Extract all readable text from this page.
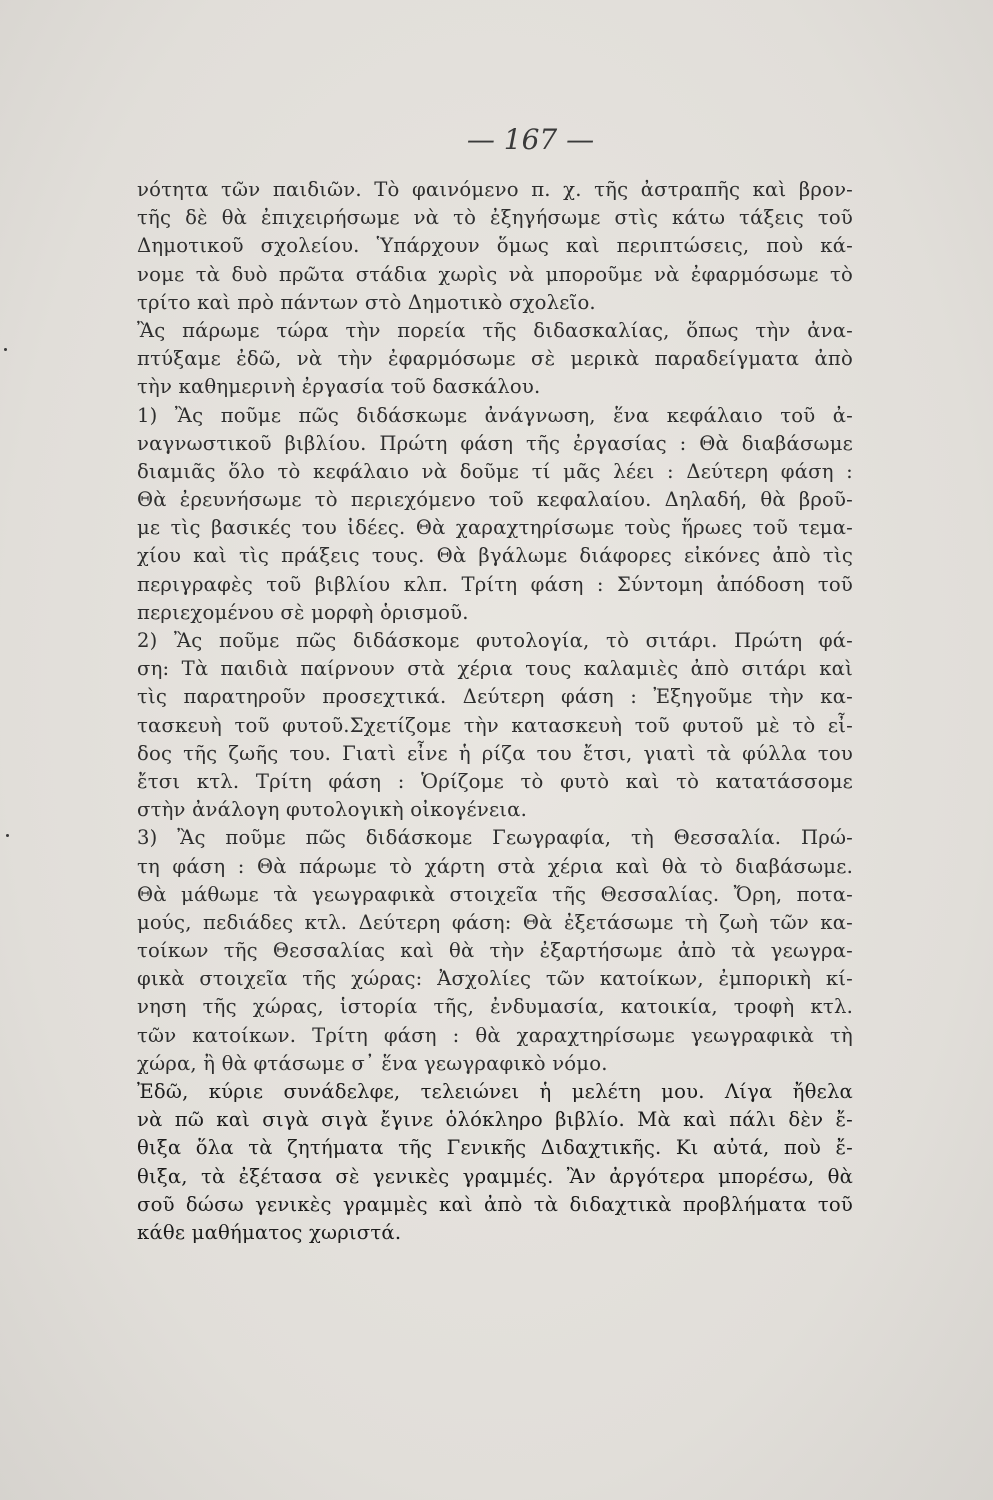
— 167 —
νότητα τῶν παιδιῶν. Τὸ φαινόμενο π. χ. τῆς ἀστραπῆς καὶ βρον-
τῆς δὲ θὰ ἐπιχειρήσωμε νὰ τὸ ἐξηγήσωμε στὶς κάτω τάξεις τοῦ
Δημοτικοῦ σχολείου. Ὑπάρχουν ὅμως καὶ περιπτώσεις, ποὺ κά-
νομε τὰ δυὸ πρῶτα στάδια χωρὶς νὰ μποροῦμε νὰ ἐφαρμόσωμε τὸ
τρίτο καὶ πρὸ πάντων στὸ Δημοτικὸ σχολεῖο.
Ἂς πάρωμε τώρα τὴν πορεία τῆς διδασκαλίας, ὅπως τὴν ἀνα-
πτύξαμε ἐδῶ, νὰ τὴν ἐφαρμόσωμε σὲ μερικὰ παραδείγματα ἀπὸ
τὴν καθημερινὴ ἐργασία τοῦ δασκάλου.
1) Ἂς ποῦμε πῶς διδάσκωμε ἀνάγνωση, ἕνα κεφάλαιο τοῦ ἀ-
ναγνωστικοῦ βιβλίου. Πρώτη φάση τῆς ἐργασίας : Θὰ διαβάσωμε
διαμιᾶς ὅλο τὸ κεφάλαιο νὰ δοῦμε τί μᾶς λέει : Δεύτερη φάση :
Θὰ ἐρευνήσωμε τὸ περιεχόμενο τοῦ κεφαλαίου. Δηλαδή, θὰ βροῦ-
με τὶς βασικές του ἰδέες. Θὰ χαραχτηρίσωμε τοὺς ἥρωες τοῦ τεμα-
χίου καὶ τὶς πράξεις τους. Θὰ βγάλωμε διάφορες εἰκόνες ἀπὸ τὶς
περιγραφὲς τοῦ βιβλίου κλπ. Τρίτη φάση : Σύντομη ἀπόδοση τοῦ
περιεχομένου σὲ μορφὴ ὁρισμοῦ.
2) Ἂς ποῦμε πῶς διδάσκομε φυτολογία, τὸ σιτάρι. Πρώτη φά-
ση: Τὰ παιδιὰ παίρνουν στὰ χέρια τους καλαμιὲς ἀπὸ σιτάρι καὶ
τὶς παρατηροῦν προσεχτικά. Δεύτερη φάση : Ἐξηγοῦμε τὴν κα-
τασκευὴ τοῦ φυτοῦ.Σχετίζομε τὴν κατασκευὴ τοῦ φυτοῦ μὲ τὸ εἶ-
δος τῆς ζωῆς του. Γιατὶ εἶνε ἡ ρίζα του ἔτσι, γιατὶ τὰ φύλλα του
ἔτσι κτλ. Τρίτη φάση : Ὁρίζομε τὸ φυτὸ καὶ τὸ κατατάσσομε
στὴν ἀνάλογη φυτολογικὴ οἰκογένεια.
3) Ἂς ποῦμε πῶς διδάσκομε Γεωγραφία, τὴ Θεσσαλία. Πρώ-
τη φάση : Θὰ πάρωμε τὸ χάρτη στὰ χέρια καὶ θὰ τὸ διαβάσωμε.
Θὰ μάθωμε τὰ γεωγραφικὰ στοιχεῖα τῆς Θεσσαλίας. Ὄρη, ποτα-
μούς, πεδιάδες κτλ. Δεύτερη φάση: Θὰ ἐξετάσωμε τὴ ζωὴ τῶν κα-
τοίκων τῆς Θεσσαλίας καὶ θὰ τὴν ἐξαρτήσωμε ἀπὸ τὰ γεωγρα-
φικὰ στοιχεῖα τῆς χώρας: Ἀσχολίες τῶν κατοίκων, ἐμπορικὴ κί-
νηση τῆς χώρας, ἱστορία τῆς, ἐνδυμασία, κατοικία, τροφὴ κτλ.
τῶν κατοίκων. Τρίτη φάση : θὰ χαραχτηρίσωμε γεωγραφικὰ τὴ
χώρα, ἢ θὰ φτάσωμε σ᾽ ἕνα γεωγραφικὸ νόμο.
Ἐδῶ, κύριε συνάδελφε, τελειώνει ἡ μελέτη μου. Λίγα ἤθελα
νὰ πῶ καὶ σιγὰ σιγὰ ἔγινε ὁλόκληρο βιβλίο. Μὰ καὶ πάλι δὲν ἔ-
θιξα ὅλα τὰ ζητήματα τῆς Γενικῆς Διδαχτικῆς. Κι αὐτά, ποὺ ἔ-
θιξα, τὰ ἐξέτασα σὲ γενικὲς γραμμές. Ἂν ἀργότερα μπορέσω, θὰ
σοῦ δώσω γενικὲς γραμμὲς καὶ ἀπὸ τὰ διδαχτικὰ προβλήματα τοῦ
κάθε μαθήματος χωριστά.
